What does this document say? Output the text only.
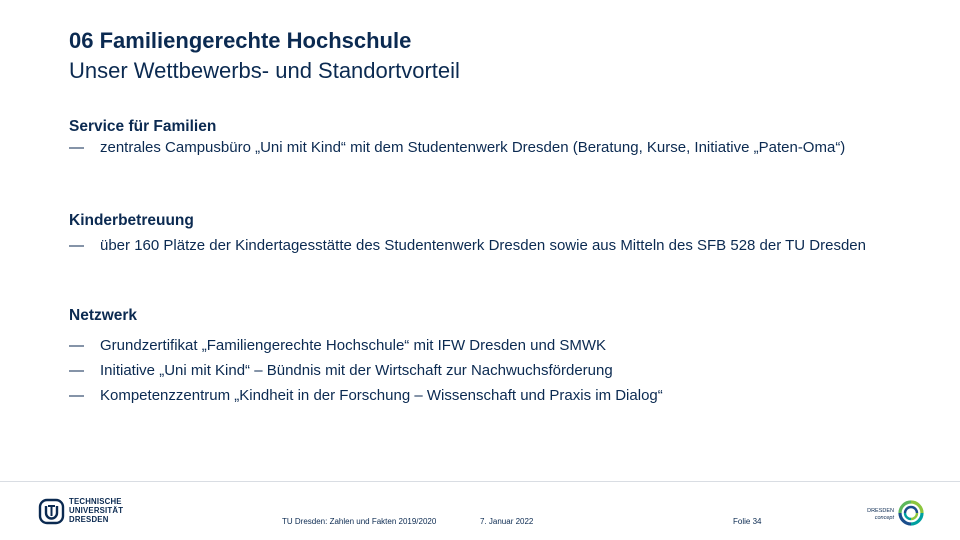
06 Familiengerechte Hochschule
Unser Wettbewerbs- und Standortvorteil
Service für Familien
— zentrales Campusbüro „Uni mit Kind“ mit dem Studentenwerk Dresden (Beratung, Kurse, Initiative „Paten-Oma“)
Kinderbetreuung
— über 160 Plätze der Kindertagesstätte des Studentenwerk Dresden sowie aus Mitteln des SFB 528 der TU Dresden
Netzwerk
— Grundzertifikat „Familiengerechte Hochschule“ mit IFW Dresden und SMWK
— Initiative „Uni mit Kind“ – Bündnis mit der Wirtschaft zur Nachwuchsförderung
— Kompetenzzentrum „Kindheit in der Forschung – Wissenschaft und Praxis im Dialog“
TECHNISCHE
UNIVERSITÄT
DRESDEN	TU Dresden: Zahlen und Fakten 2019/2020	7. Januar 2022	Folie 34
DRESDEN
concept
